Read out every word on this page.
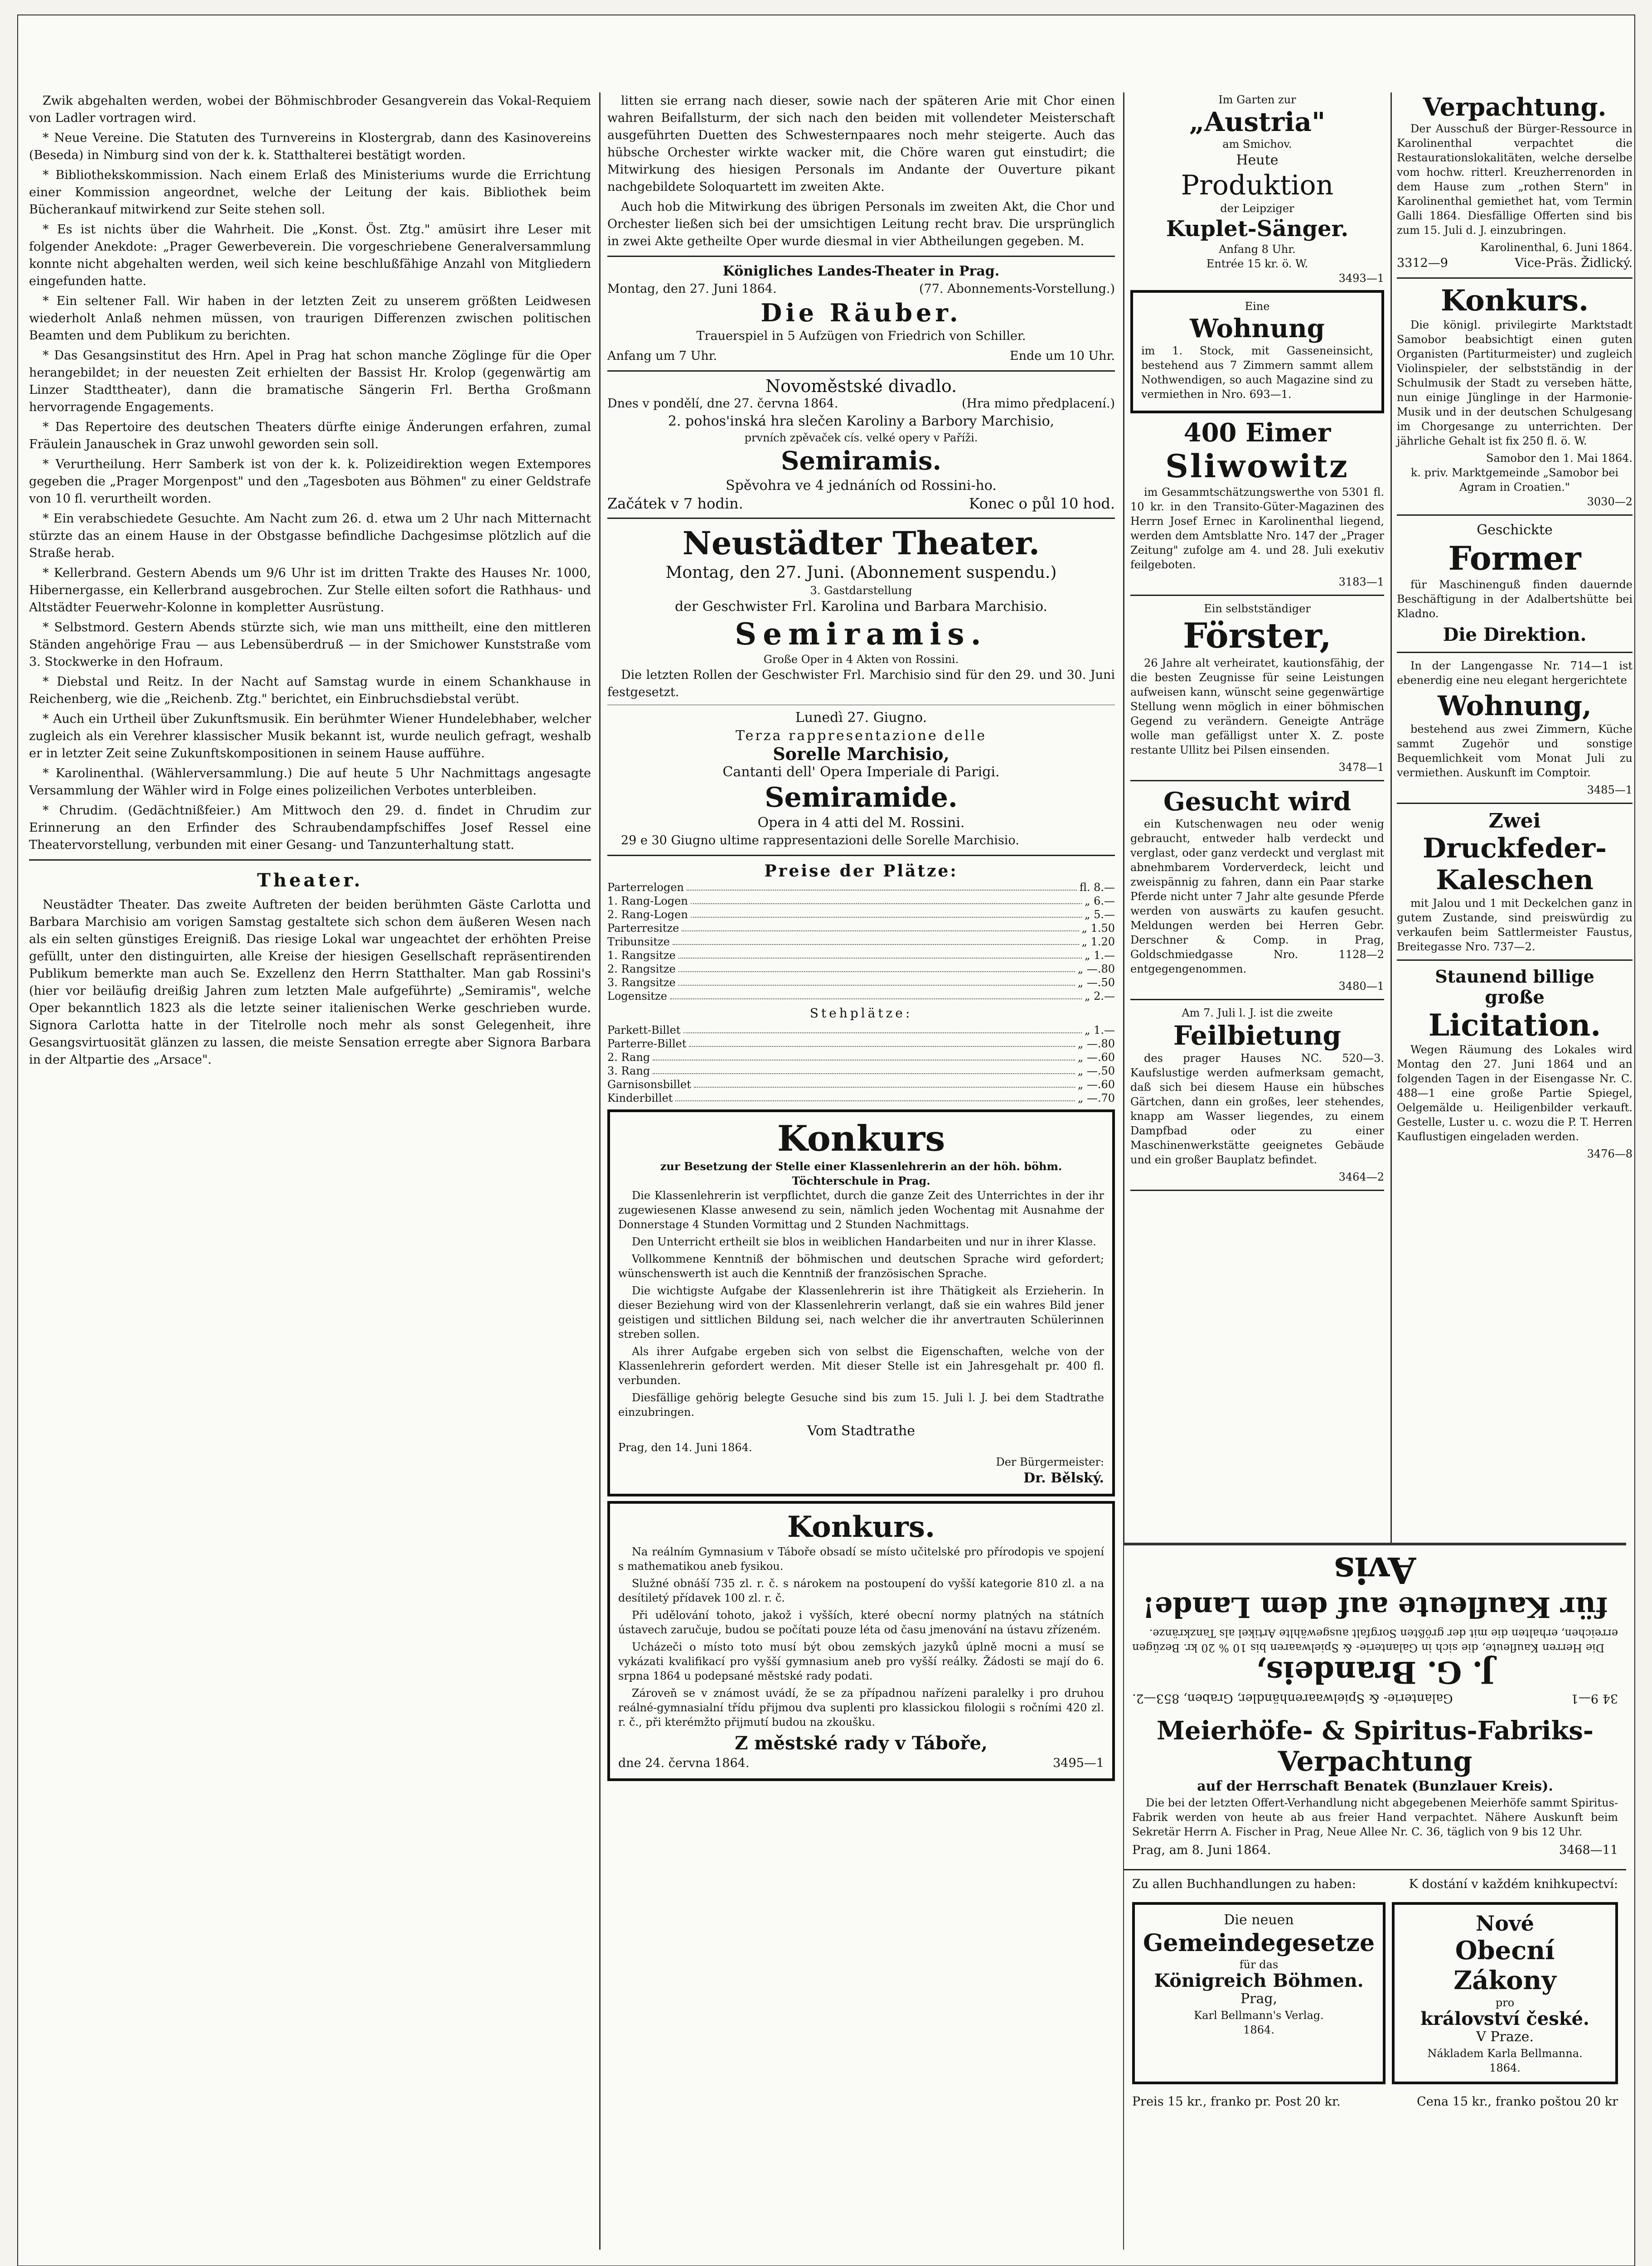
Zwik abgehalten werden, wobei der Böhmischbroder Gesangverein das Vokal-Requiem von Ladler vortragen wird.

* Neue Vereine. Die Statuten des Turnvereins in Klostergrab, dann des Kasinovereins (Beseda) in Nimburg sind von der k. k. Statthalterei bestätigt worden.

* Bibliothekskommission. Nach einem Erlaß des Ministeriums wurde die Errichtung einer Kommission angeordnet, welche der Leitung der kais. Bibliothek beim Bücherankauf mitwirkend zur Seite stehen soll.

* Es ist nichts über die Wahrheit. Die „Konst. Öst. Ztg." amüsirt ihre Leser mit folgender Anekdote: „Prager Gewerbeverein. Die vorgeschriebene Generalversammlung konnte nicht abgehalten werden, weil sich keine beschlußfähige Anzahl von Mitgliedern eingefunden hatte.

* Ein seltener Fall. Wir haben in der letzten Zeit zu unserem größten Leidwesen wiederholt Anlaß nehmen müssen, von traurigen Differenzen zwischen politischen Beamten und dem Publikum zu berichten.

* Das Gesangsinstitut des Hrn. Apel in Prag hat schon manche Zöglinge für die Oper herangebildet; in der neuesten Zeit erhielten der Bassist Hr. Krolop (gegenwärtig am Linzer Stadttheater), dann die bramatische Sängerin Frl. Bertha Großmann hervorragende Engagements.

* Das Repertoire des deutschen Theaters dürfte einige Änderungen erfahren, zumal Fräulein Janauschek in Graz unwohl geworden sein soll.

* Verurtheilung. Herr Samberk ist von der k. k. Polizeidirektion wegen Extempores gegeben die „Prager Morgenpost" und den „Tagesboten aus Böhmen" zu einer Geldstrafe von 10 fl. verurtheilt worden.

* Ein verabschiedete Gesuchte. Am Nacht zum 26. d. etwa um 2 Uhr nach Mitternacht stürzte das an einem Hause in der Obstgasse befindliche Dachgesimse plötzlich auf die Straße herab.

* Kellerbrand. Gestern Abends um 9/6 Uhr ist im dritten Trakte des Hauses Nr. 1000, Hibernergasse, ein Kellerbrand ausgebrochen. Zur Stelle eilten sofort die Rathhaus- und Altstädter Feuerwehr-Kolonne in kompletter Ausrüstung.

* Selbstmord. Gestern Abends stürzte sich, wie man uns mittheilt, eine den mittleren Ständen angehörige Frau — aus Lebensüberdruß — in der Smichower Kunststraße vom 3. Stockwerke in den Hofraum.

* Diebstal und Reitz. In der Nacht auf Samstag wurde in einem Schankhause in Reichenberg, wie die „Reichenb. Ztg." berichtet, ein Einbruchsdiebstal verübt.

* Auch ein Urtheil über Zukunftsmusik. Ein berühmter Wiener Hundelebhaber, welcher zugleich als ein Verehrer klassischer Musik bekannt ist, wurde neulich gefragt, weshalb er in letzter Zeit seine Zukunftskompositionen in seinem Hause aufführe.

* Karolinenthal. (Wählerversammlung.) Die auf heute 5 Uhr Nachmittags angesagte Versammlung der Wähler wird in Folge eines polizeilichen Verbotes unterbleiben.

* Chrudim. (Gedächtnißfeier.) Am Mittwoch den 29. d. findet in Chrudim zur Erinnerung an den Erfinder des Schraubendampfschiffes Josef Ressel eine Theatervorstellung, verbunden mit einer Gesang- und Tanzunterhaltung statt.

Theater.

Neustädter Theater. Das zweite Auftreten der beiden berühmten Gäste Carlotta und Barbara Marchisio am vorigen Samstag gestaltete sich schon dem äußeren Wesen nach als ein selten günstiges Ereigniß. Das riesige Lokal war ungeachtet der erhöhten Preise gefüllt, unter den distinguirten, alle Kreise der hiesigen Gesellschaft repräsentirenden Publikum bemerkte man auch Se. Exzellenz den Herrn Statthalter. Man gab Rossini's (hier vor beiläufig dreißig Jahren zum letzten Male aufgeführte) „Semiramis", welche Oper bekanntlich 1823 als die letzte seiner italienischen Werke geschrieben wurde. Signora Carlotta hatte in der Titelrolle noch mehr als sonst Gelegenheit, ihre Gesangsvirtuosität glänzen zu lassen, die meiste Sensation erregte aber Signora Barbara in der Altpartie des „Arsace".

litten sie errang nach dieser, sowie nach der späteren Arie mit Chor einen wahren Beifallsturm, der sich nach den beiden mit vollendeter Meisterschaft ausgeführten Duetten des Schwesternpaares noch mehr steigerte. Auch das hübsche Orchester wirkte wacker mit, die Chöre waren gut einstudirt; die Mitwirkung des hiesigen Personals im Andante der Ouverture pikant nachgebildete Soloquartett im zweiten Akte.

Auch hob die Mitwirkung des übrigen Personals im zweiten Akt, die Chor und Orchester ließen sich bei der umsichtigen Leitung recht brav. Die ursprünglich in zwei Akte getheilte Oper wurde diesmal in vier Abtheilungen gegeben. M.

Königliches Landes-Theater in Prag.
Montag, den 27. Juni 1864.	(77. Abonnements-Vorstellung.)
Die Räuber.
Trauerspiel in 5 Aufzügen von Friedrich von Schiller.
Anfang um 7 Uhr.	Ende um 10 Uhr.
Novoměstské divadlo.
Dnes v pondělí, dne 27. června 1864.	(Hra mimo předplacení.)
2. pohos'inská hra slečen Karoliny a Barbory Marchisio,
prvních zpěvaček cís. velké opery v Paříži.
Semiramis.
Spěvohra ve 4 jednáních od Rossini-ho.
Začátek v 7 hodin.	Konec o půl 10 hod.
Neustädter Theater.
Montag, den 27. Juni. (Abonnement suspendu.)
3. Gastdarstellung
der Geschwister Frl. Karolina und Barbara Marchisio.
Semiramis.
Große Oper in 4 Akten von Rossini.

Die letzten Rollen der Geschwister Frl. Marchisio sind für den 29. und 30. Juni festgesetzt.

Lunedì 27. Giugno.
Terza rappresentazione delle
Sorelle Marchisio,
Cantanti dell' Opera Imperiale di Parigi.
Semiramide.
Opera in 4 atti del M. Rossini.

29 e 30 Giugno ultime rappresentazioni delle Sorelle Marchisio.

Preise der Plätze:
Parterrelogen	fl. 8.—
1. Rang-Logen	„ 6.—
2. Rang-Logen	„ 5.—
Parterresitze	„ 1.50
Tribunsitze	„ 1.20
1. Rangsitze	„ 1.—
2. Rangsitze	„ —.80
3. Rangsitze	„ —.50
Logensitze	„ 2.—
Stehplätze:
Parkett-Billet	„ 1.—
Parterre-Billet	„ —.80
2. Rang	„ —.60
3. Rang	„ —.50
Garnisonsbillet	„ —.60
Kinderbillet	„ —.70
Konkurs
zur Besetzung der Stelle einer Klassenlehrerin an der höh. böhm. Töchterschule in Prag.

Die Klassenlehrerin ist verpflichtet, durch die ganze Zeit des Unterrichtes in der ihr zugewiesenen Klasse anwesend zu sein, nämlich jeden Wochentag mit Ausnahme der Donnerstage 4 Stunden Vormittag und 2 Stunden Nachmittags.

Den Unterricht ertheilt sie blos in weiblichen Handarbeiten und nur in ihrer Klasse.

Vollkommene Kenntniß der böhmischen und deutschen Sprache wird gefordert; wünschenswerth ist auch die Kenntniß der französischen Sprache.

Die wichtigste Aufgabe der Klassenlehrerin ist ihre Thätigkeit als Erzieherin. In dieser Beziehung wird von der Klassenlehrerin verlangt, daß sie ein wahres Bild jener geistigen und sittlichen Bildung sei, nach welcher die ihr anvertrauten Schülerinnen streben sollen.

Als ihrer Aufgabe ergeben sich von selbst die Eigenschaften, welche von der Klassenlehrerin gefordert werden. Mit dieser Stelle ist ein Jahresgehalt pr. 400 fl. verbunden.

Diesfällige gehörig belegte Gesuche sind bis zum 15. Juli l. J. bei dem Stadtrathe einzubringen.

Vom Stadtrathe
Prag, den 14. Juni 1864.
Der Bürgermeister:
Dr. Bělský.
Konkurs.

Na reálním Gymnasium v Táboře obsadí se místo učitelské pro přírodopis ve spojení s mathematikou aneb fysikou.

Služné obnáší 735 zl. r. č. s nárokem na postoupení do vyšší kategorie 810 zl. a na desítiletý přídavek 100 zl. r. č.

Při udělování tohoto, jakož i vyšších, které obecní normy platných na státních ústavech zaručuje, budou se počítati pouze léta od času jmenování na ústavu zřízeném.

Ucházeči o místo toto musí být obou zemských jazyků úplně mocni a musí se vykázati kvalifikací pro vyšší gymnasium aneb pro vyšší reálky. Žádosti se mají do 6. srpna 1864 u podepsané městské rady podati.

Zároveň se v známost uvádí, že se za případnou nařízeni paralelky i pro druhou reálné-gymnasialní třídu přijmou dva suplenti pro klassickou filologii s ročními 420 zl. r. č., při kterémžto přijmutí budou na zkoušku.

Z městské rady v Táboře,
dne 24. června 1864.	3495—1
Im Garten zur
„Austria"
am Smichov.
Heute
Produktion
der Leipziger
Kuplet-Sänger.
Anfang 8 Uhr.
Entrée 15 kr. ö. W.
3493—1
Eine
Wohnung

im 1. Stock, mit Gasseneinsicht, bestehend aus 7 Zimmern sammt allem Nothwendigen, so auch Magazine sind zu vermiethen in Nro. 693—1.

400 Eimer
Sliwowitz

im Gesammtschätzungswerthe von 5301 fl. 10 kr. in den Transito-Güter-Magazinen des Herrn Josef Ernec in Karolinenthal liegend, werden dem Amtsblatte Nro. 147 der „Prager Zeitung" zufolge am 4. und 28. Juli exekutiv feilgeboten.

3183—1
Ein selbstständiger
Förster,

26 Jahre alt verheiratet, kautionsfähig, der die besten Zeugnisse für seine Leistungen aufweisen kann, wünscht seine gegenwärtige Stellung wenn möglich in einer böhmischen Gegend zu verändern. Geneigte Anträge wolle man gefälligst unter X. Z. poste restante Ullitz bei Pilsen einsenden.

3478—1
Gesucht wird

ein Kutschenwagen neu oder wenig gebraucht, entweder halb verdeckt und verglast, oder ganz verdeckt und verglast mit abnehmbarem Vorderverdeck, leicht und zweispännig zu fahren, dann ein Paar starke Pferde nicht unter 7 Jahr alte gesunde Pferde werden von auswärts zu kaufen gesucht. Meldungen werden bei Herren Gebr. Derschner & Comp. in Prag, Goldschmiedgasse Nro. 1128—2 entgegengenommen.

3480—1
Am 7. Juli l. J. ist die zweite
Feilbietung

des prager Hauses NC. 520—3. Kaufslustige werden aufmerksam gemacht, daß sich bei diesem Hause ein hübsches Gärtchen, dann ein großes, leer stehendes, knapp am Wasser liegendes, zu einem Dampfbad oder zu einer Maschinenwerkstätte geeignetes Gebäude und ein großer Bauplatz befindet.

3464—2
Verpachtung.

Der Ausschuß der Bürger-Ressource in Karolinenthal verpachtet die Restaurationslokalitäten, welche derselbe vom hochw. ritterl. Kreuzherrenorden in dem Hause zum „rothen Stern" in Karolinenthal gemiethet hat, vom Termin Galli 1864. Diesfällige Offerten sind bis zum 15. Juli d. J. einzubringen.

Karolinenthal, 6. Juni 1864.
3312—9	Vice-Präs. Židlický.
Konkurs.

Die königl. privilegirte Marktstadt Samobor beabsichtigt einen guten Organisten (Partiturmeister) und zugleich Violinspieler, der selbstständig in der Schulmusik der Stadt zu verseben hätte, nun einige Jünglinge in der Harmonie-Musik und in der deutschen Schulgesang im Chorgesange zu unterrichten. Der jährliche Gehalt ist fix 250 fl. ö. W.

Samobor den 1. Mai 1864.
k. priv. Marktgemeinde „Samobor bei Agram in Croatien."
3030—2
Geschickte
Former

für Maschinenguß finden dauernde Beschäftigung in der Adalbertshütte bei Kladno.

Die Direktion.

In der Langengasse Nr. 714—1 ist ebenerdig eine neu elegant hergerichtete

Wohnung,

bestehend aus zwei Zimmern, Küche sammt Zugehör und sonstige Bequemlichkeit vom Monat Juli zu vermiethen. Auskunft im Comptoir.

3485—1
Zwei
Druckfeder-
Kaleschen

mit Jalou und 1 mit Deckelchen ganz in gutem Zustande, sind preiswürdig zu verkaufen beim Sattlermeister Faustus, Breitegasse Nro. 737—2.

Staunend billige
große
Licitation.

Wegen Räumung des Lokales wird Montag den 27. Juni 1864 und an folgenden Tagen in der Eisengasse Nr. C. 488—1 eine große Partie Spiegel, Oelgemälde u. Heiligenbilder verkauft. Gestelle, Luster u. c. wozu die P. T. Herren Kauflustigen eingeladen werden.

3476—8
34 9—1
Galanterie- & Spielwaarenhändler, Graben, 853—2.
J. G. Brandeis,

Die Herren Kaufleute, die sich in Galanterie- & Spielwaaren bis 10 % 20 kr. Bezügen erreichen, erhalten die mit der größten Sorgfalt ausgewählte Artikel als Tanzkränze.

für Kaufleute auf dem Lande!
Avis
Meierhöfe- & Spiritus-Fabriks-
Verpachtung
auf der Herrschaft Benatek (Bunzlauer Kreis).

Die bei der letzten Offert-Verhandlung nicht abgegebenen Meierhöfe sammt Spiritus-Fabrik werden von heute ab aus freier Hand verpachtet. Nähere Auskunft beim Sekretär Herrn A. Fischer in Prag, Neue Allee Nr. C. 36, täglich von 9 bis 12 Uhr.

Prag, am 8. Juni 1864.	3468—11
Zu allen Buchhandlungen zu haben:	K dostání v každém knihkupectví:
Die neuen
Gemeindegesetze
für das
Königreich Böhmen.
Prag,
Karl Bellmann's Verlag.
1864.
Nové
Obecní Zákony
pro
království české.
V Praze.
Nákladem Karla Bellmanna.
1864.
Preis 15 kr., franko pr. Post 20 kr.	Cena 15 kr., franko poštou 20 kr
